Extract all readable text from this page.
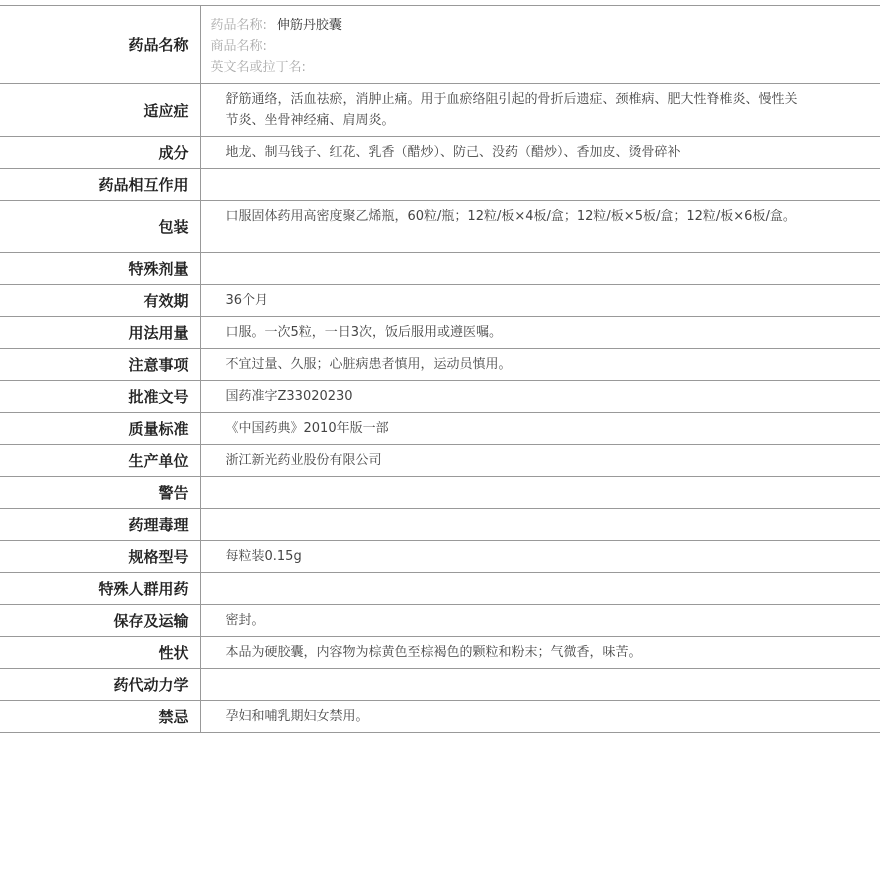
药品名称	药品名称: 伸筋丹胶囊
商品名称:
英文名或拉丁名:

适应症	舒筋通络，活血祛瘀，消肿止痛。用于血瘀络阻引起的骨折后遗症、颈椎病、肥大性脊椎炎、慢性关节炎、坐骨神经痛、肩周炎。
成分	地龙、制马钱子、红花、乳香（醋炒）、防己、没药（醋炒）、香加皮、烫骨碎补
药品相互作用	
包装	口服固体药用高密度聚乙烯瓶，60粒/瓶；12粒/板×4板/盒；12粒/板×5板/盒；12粒/板×6板/盒。
特殊剂量	
有效期	36个月
用法用量	口服。一次5粒，一日3次，饭后服用或遵医嘱。
注意事项	不宜过量、久服；心脏病患者慎用，运动员慎用。
批准文号	国药准字Z33020230
质量标准	《中国药典》2010年版一部
生产单位	浙江新光药业股份有限公司
警告	
药理毒理	
规格型号	每粒装0.15g
特殊人群用药	
保存及运输	密封。
性状	本品为硬胶囊，内容物为棕黄色至棕褐色的颗粒和粉末；气微香，味苦。
药代动力学	
禁忌	孕妇和哺乳期妇女禁用。
